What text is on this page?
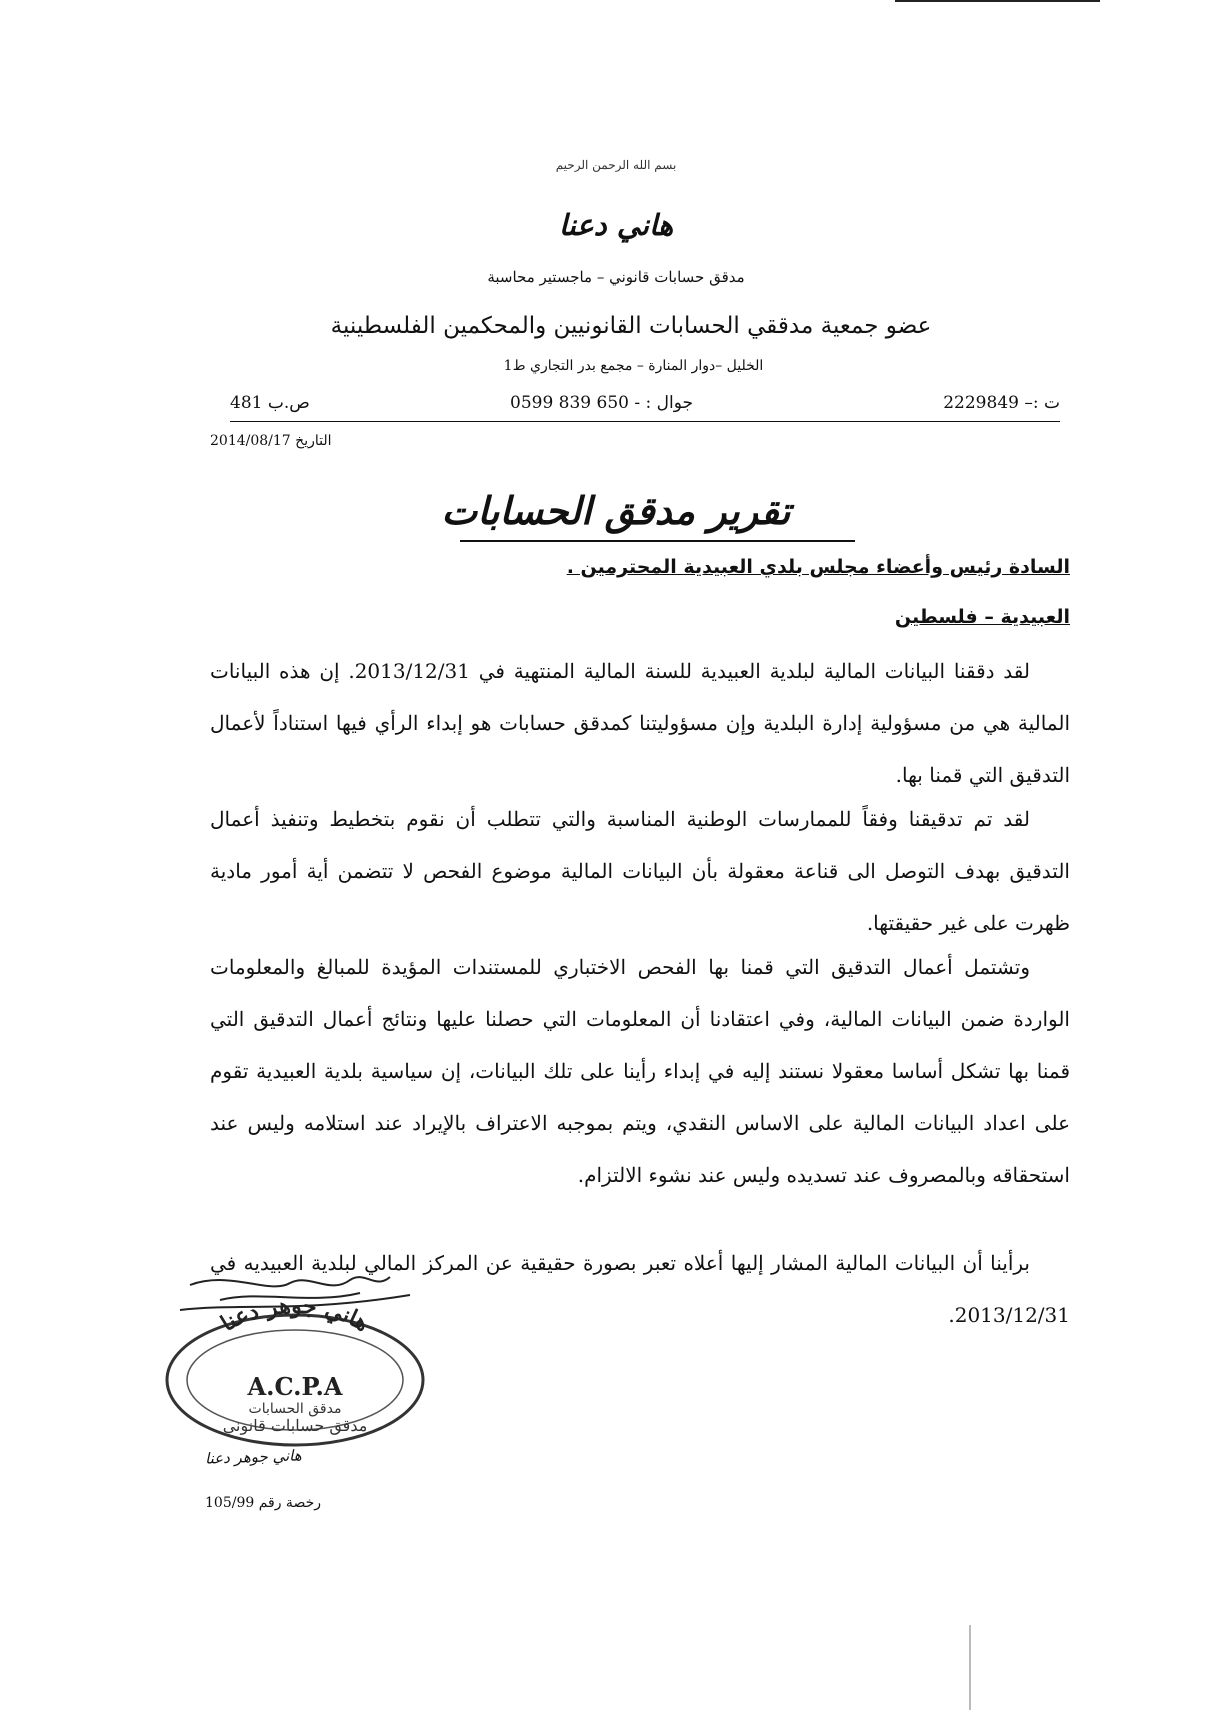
بسم الله الرحمن الرحيم
هاني دعنا
مدقق حسابات قانوني – ماجستير محاسبة
عضو جمعية مدققي الحسابات القانونيين والمحكمين الفلسطينية
الخليل –دوار المنارة – مجمع بدر التجاري ط1
ت :– 2229849
جوال : - 650 839 0599
ص.ب 481
التاريخ 2014/08/17
تقرير مدقق الحسابات
السادة رئيس وأعضاء مجلس بلدي العبيدية المحترمين .
العبيدية – فلسطين
لقد دققنا البيانات المالية لبلدية العبيدية للسنة المالية المنتهية في 2013/12/31. إن هذه البيانات المالية هي من مسؤولية إدارة البلدية وإن مسؤوليتنا كمدقق حسابات هو إبداء الرأي فيها استناداً لأعمال التدقيق التي قمنا بها.
لقد تم تدقيقنا وفقاً للممارسات الوطنية المناسبة والتي تتطلب أن نقوم بتخطيط وتنفيذ أعمال التدقيق بهدف التوصل الى قناعة معقولة بأن البيانات المالية موضوع الفحص لا تتضمن أية أمور مادية ظهرت على غير حقيقتها.
وتشتمل أعمال التدقيق التي قمنا بها الفحص الاختباري للمستندات المؤيدة للمبالغ والمعلومات الواردة ضمن البيانات المالية، وفي اعتقادنا أن المعلومات التي حصلنا عليها ونتائج أعمال التدقيق التي قمنا بها تشكل أساسا معقولا نستند إليه في إبداء رأينا على تلك البيانات، إن سياسية بلدية العبيدية تقوم على اعداد البيانات المالية على الاساس النقدي، ويتم بموجبه الاعتراف بالإيراد عند استلامه وليس عند استحقاقه وبالمصروف عند تسديده وليس عند نشوء الالتزام.
برأينا أن البيانات المالية المشار إليها أعلاه تعبر بصورة حقيقية عن المركز المالي لبلدية العبيديه في 2013/12/31.
هاني جوهر دعنا
A.C.P.A
مدقق الحسابات
مدقق حسابات قانوني
هاني جوهر دعنا
رخصة رقم 105/99
